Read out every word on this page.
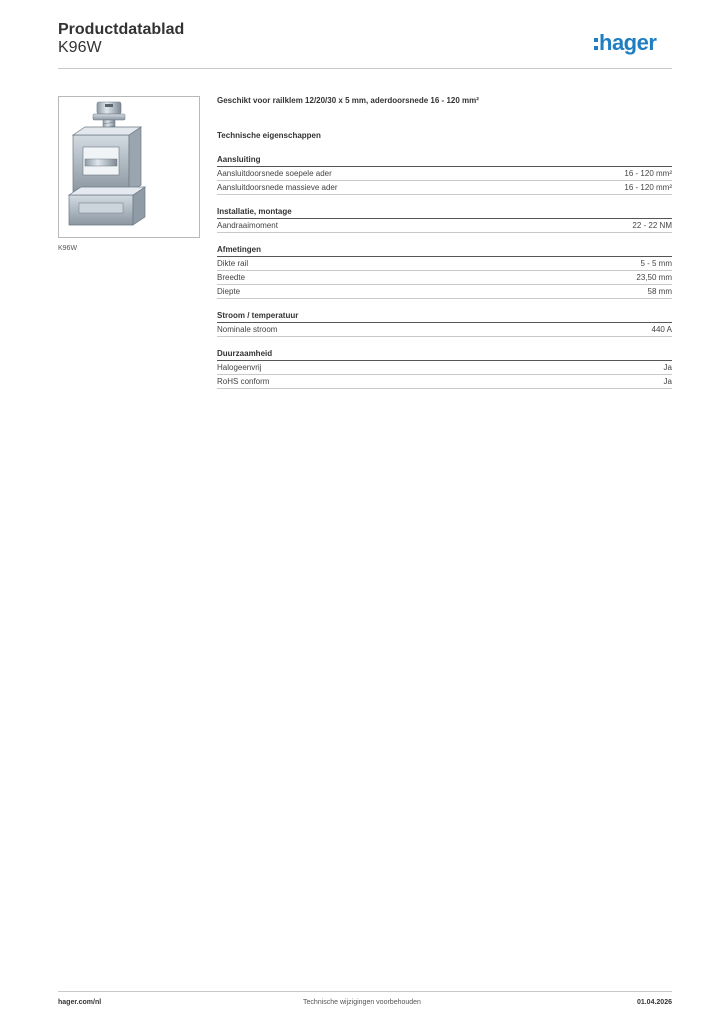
Productdatablad
K96W	hager
K96W
Geschikt voor railklem 12/20/30 x 5 mm, aderdoorsnede 16 - 120 mm²
Technische eigenschappen
Aansluiting
Aansluitdoorsnede soepele ader	16 - 120 mm²
Aansluitdoorsnede massieve ader	16 - 120 mm²
Installatie, montage
Aandraaimoment	22 - 22 NM
Afmetingen
Dikte rail	5 - 5 mm
Breedte	23,50 mm
Diepte	58 mm
Stroom / temperatuur
Nominale stroom	440 A
Duurzaamheid
Halogeenvrij	Ja
RoHS conform	Ja
Technische wijzigingen voorbehouden
hager.com/nl	01.04.2026
